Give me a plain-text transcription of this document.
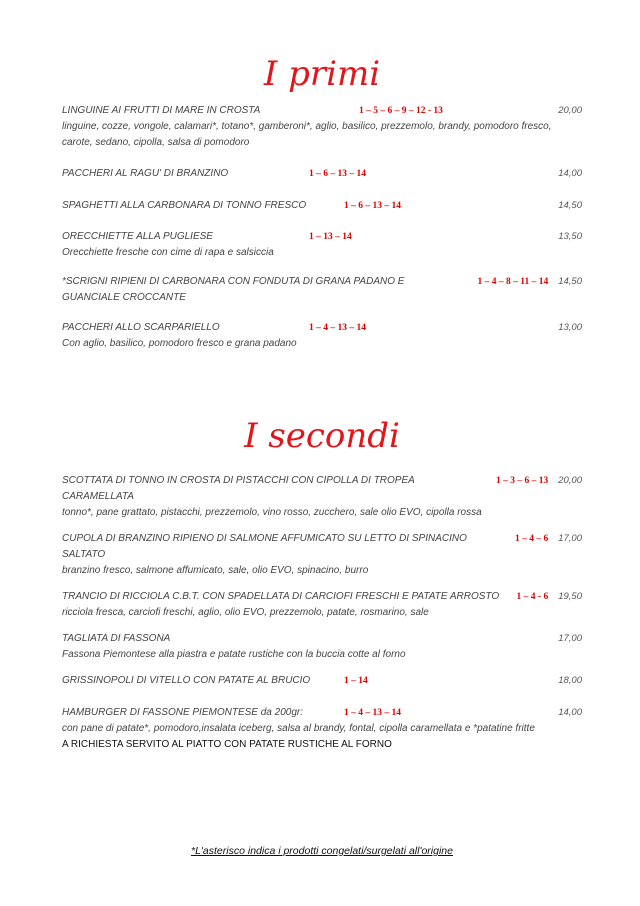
I primi
LINGUINE AI FRUTTI DI MARE IN CROSTA	1 – 5 – 6 – 9 – 12 - 13	20,00
linguine, cozze, vongole, calamari*, totano*, gamberoni*, aglio, basilico, prezzemolo, brandy, pomodoro fresco,
carote, sedano, cipolla, salsa di pomodoro
PACCHERI AL RAGU' DI BRANZINO	1 – 6 – 13 – 14	14,00
SPAGHETTI ALLA CARBONARA DI TONNO FRESCO	1 – 6 – 13 – 14	14,50
ORECCHIETTE ALLA PUGLIESE	1 – 13 – 14	13,50
Orecchiette fresche con cime di rapa e salsiccia
*SCRIGNI RIPIENI DI CARBONARA CON FONDUTA DI GRANA PADANO E	1 – 4 – 8 – 11 – 14	14,50
GUANCIALE CROCCANTE
PACCHERI ALLO SCARPARIELLO	1 – 4 – 13 – 14	13,00
Con aglio, basilico, pomodoro fresco e grana padano
I secondi
SCOTTATA DI TONNO IN CROSTA DI PISTACCHI CON CIPOLLA DI TROPEA CARAMELLATA
1 – 3 – 6 – 13	20,00
tonno*, pane grattato, pistacchi, prezzemolo, vino rosso, zucchero, sale olio EVO, cipolla rossa
CUPOLA DI BRANZINO RIPIENO DI SALMONE AFFUMICATO SU LETTO DI SPINACINO SALTATO
1 – 4 – 6	17,00
branzino fresco, salmone affumicato, sale, olio EVO, spinacino, burro
TRANCIO DI RICCIOLA C.B.T. CON SPADELLATA DI CARCIOFI FRESCHI E PATATE ARROSTO	1 – 4 - 6	19,50
ricciola fresca, carciofi freschi, aglio, olio EVO, prezzemolo, patate, rosmarino, sale
TAGLIATA DI FASSONA	17,00
Fassona Piemontese alla piastra e patate rustiche con la buccia cotte al forno
GRISSINOPOLI DI VITELLO CON PATATE AL BRUCIO	1 – 14	18,00
HAMBURGER DI FASSONE PIEMONTESE da 200gr:	1 – 4 – 13 – 14	14,00
con pane di patate*, pomodoro,insalata iceberg, salsa al brandy, fontal, cipolla caramellata e *patatine fritte
A RICHIESTA SERVITO AL PIATTO CON PATATE RUSTICHE AL FORNO
*L'asterisco indica i prodotti congelati/surgelati all'origine
